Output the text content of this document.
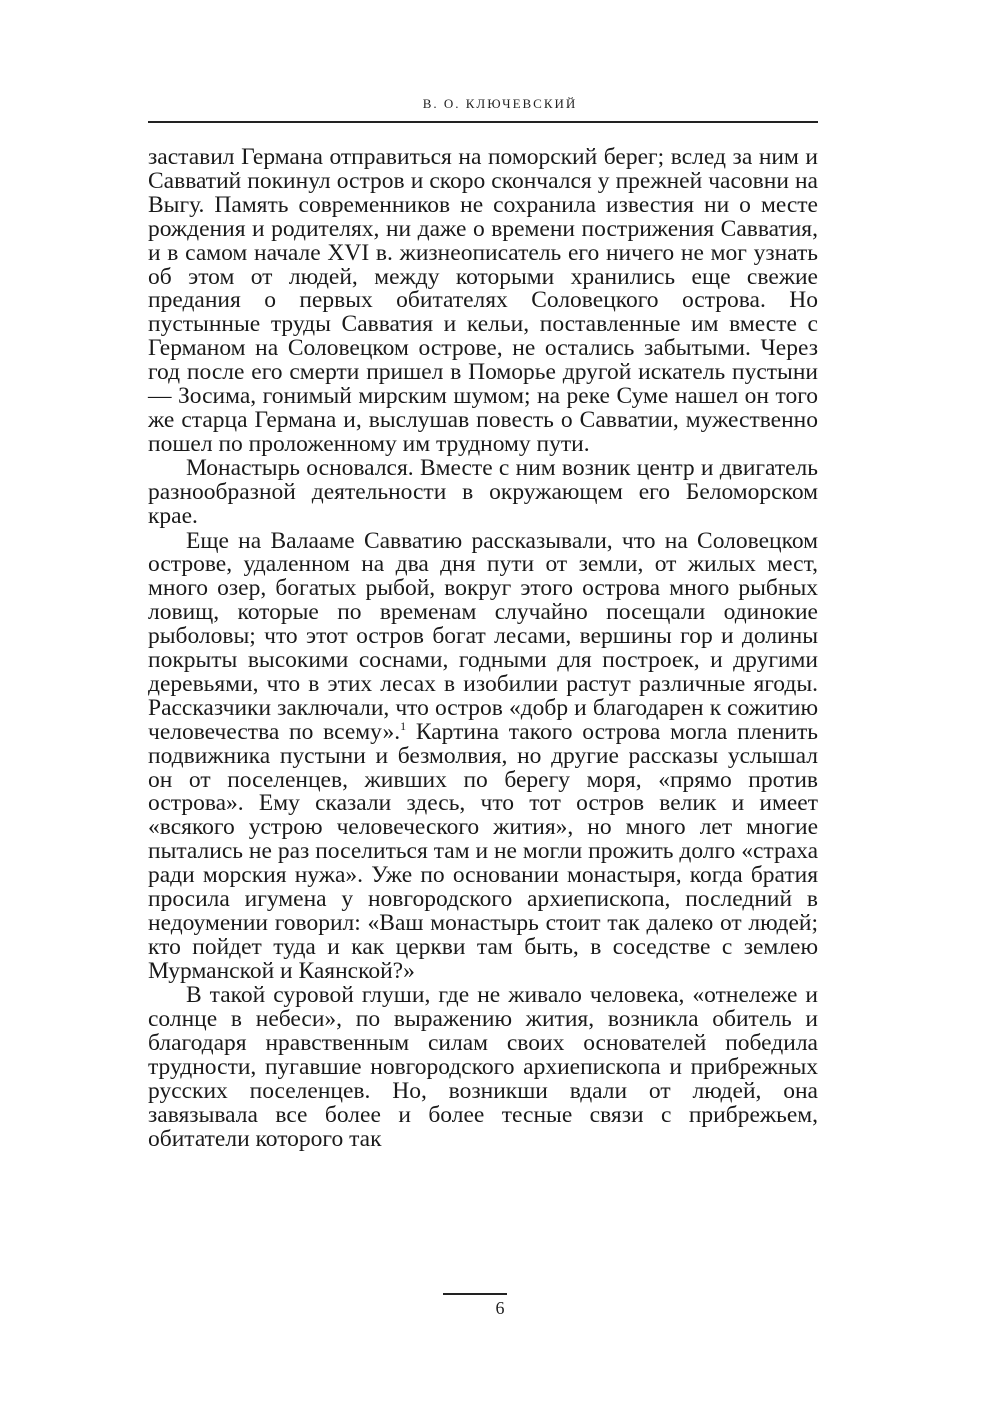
В. О. КЛЮЧЕВСКИЙ

заставил Германа отправиться на поморский берег; вслед за ним и Савватий покинул остров и скоро скончался у прежней часовни на Выгу. Память современников не сохранила известия ни о месте рождения и родителях, ни даже о времени пострижения Савватия, и в самом начале XVI в. жизнеописатель его ничего не мог узнать об этом от людей, между которыми хранились еще свежие предания о первых обитателях Соловецкого острова. Но пустынные труды Савватия и кельи, поставленные им вместе с Германом на Соловецком острове, не остались забытыми. Через год после его смерти пришел в Поморье другой искатель пустыни — Зосима, гонимый мирским шумом; на реке Суме нашел он того же старца Германа и, выслушав повесть о Савватии, мужественно пошел по проложенному им трудному пути.

Монастырь основался. Вместе с ним возник центр и двигатель разнообразной деятельности в окружающем его Беломорском крае.

Еще на Валааме Савватию рассказывали, что на Соловецком острове, удаленном на два дня пути от земли, от жилых мест, много озер, богатых рыбой, вокруг этого острова много рыбных ловищ, которые по временам случайно посещали одинокие рыболовы; что этот остров богат лесами, вершины гор и долины покрыты высокими соснами, годными для построек, и другими деревьями, что в этих лесах в изобилии растут различные ягоды. Рассказчики заключали, что остров «добр и благодарен к сожитию человечества по всему».$^1$ Картина такого острова могла пленить подвижника пустыни и безмолвия, но другие рассказы услышал он от поселенцев, живших по берегу моря, «прямо против острова». Ему сказали здесь, что тот остров велик и имеет «всякого устрою человеческого жития», но много лет многие пытались не раз поселиться там и не могли прожить долго «страха ради морския нужа». Уже по основании монастыря, когда братия просила игумена у новгородского архиепископа, последний в недоумении говорил: «Ваш монастырь стоит так далеко от людей; кто пойдет туда и как церкви там быть, в соседстве с землею Мурманской и Каянской?»

В такой суровой глуши, где не живало человека, «отнележе и солнце в небеси», по выражению жития, возникла обитель и благодаря нравственным силам своих основателей победила трудности, пугавшие новгородского архиепископа и прибрежных русских поселенцев. Но, возникши вдали от людей, она завязывала все более и более тесные связи с прибрежьем, обитатели которого так

6
